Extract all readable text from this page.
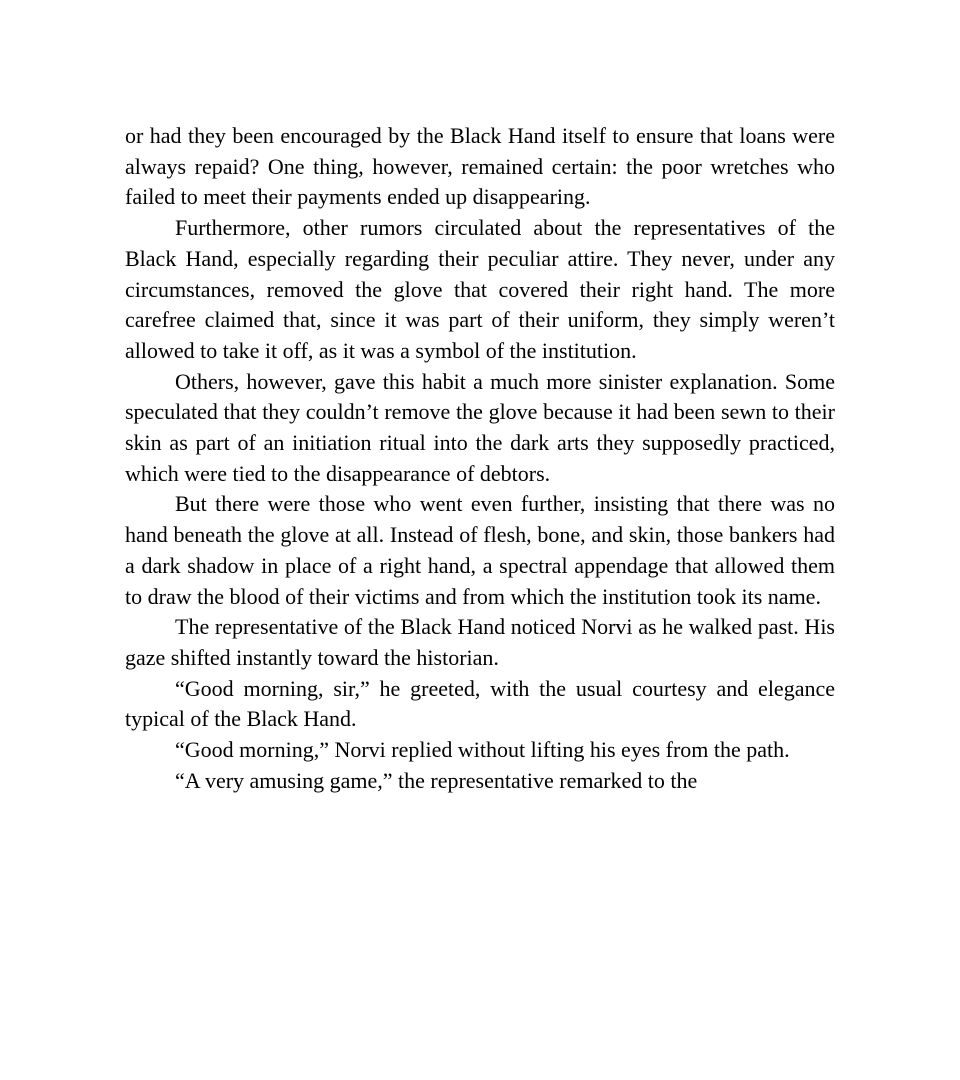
or had they been encouraged by the Black Hand itself to ensure that loans were always repaid? One thing, however, remained certain: the poor wretches who failed to meet their payments ended up disappearing.

Furthermore, other rumors circulated about the representatives of the Black Hand, especially regarding their peculiar attire. They never, under any circumstances, removed the glove that covered their right hand. The more carefree claimed that, since it was part of their uniform, they simply weren’t allowed to take it off, as it was a symbol of the institution.

Others, however, gave this habit a much more sinister explanation. Some speculated that they couldn’t remove the glove because it had been sewn to their skin as part of an initiation ritual into the dark arts they supposedly practiced, which were tied to the disappearance of debtors.

But there were those who went even further, insisting that there was no hand beneath the glove at all. Instead of flesh, bone, and skin, those bankers had a dark shadow in place of a right hand, a spectral appendage that allowed them to draw the blood of their victims and from which the institution took its name.

The representative of the Black Hand noticed Norvi as he walked past. His gaze shifted instantly toward the historian.

“Good morning, sir,” he greeted, with the usual courtesy and elegance typical of the Black Hand.

“Good morning,” Norvi replied without lifting his eyes from the path.

“A very amusing game,” the representative remarked to the
